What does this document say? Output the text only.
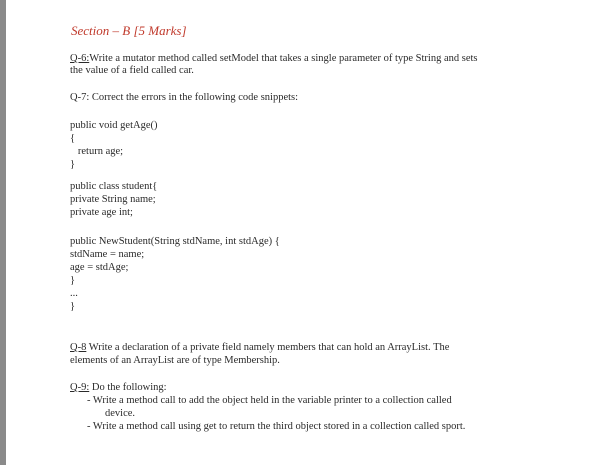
Section – B [5 Marks]
Q-6:Write a mutator method called setModel that takes a single parameter of type String and sets
the value of a field called car.
Q-7: Correct the errors in the following code snippets:
public void getAge()
{
return age;
}
public class student{
private String name;
private age int;
public NewStudent(String stdName, int stdAge) {
stdName = name;
age = stdAge;
}
...
}
Q-8 Write a declaration of a private field namely members that can hold an ArrayList. The
elements of an ArrayList are of type Membership.
Q-9: Do the following:
- Write a method call to add the object held in the variable printer to a collection called
device.
- Write a method call using get to return the third object stored in a collection called sport.
